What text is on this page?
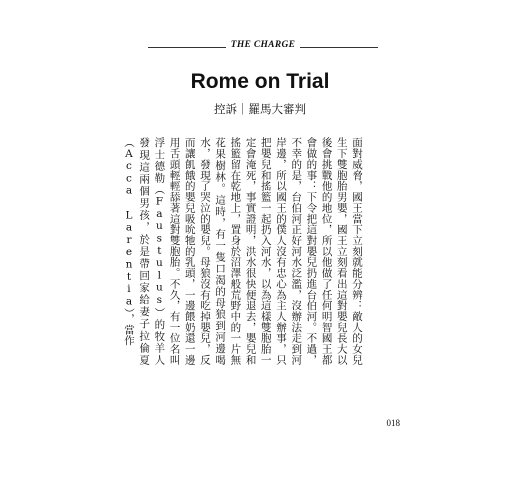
THE CHARGE
Rome on Trial
控訴｜羅馬大審判

面對威脅，國王當下立刻就能分辨：敵人的女兒生下雙胞胎男嬰，國王立刻看出這對嬰兒長大以後會挑戰他的地位，所以他做了任何明智國王都會做的事：下令把這對嬰兒扔進台伯河。不過，不幸的是，台伯河正好河水泛濫，沒辦法走到河岸邊，所以國王的僕人沒有忠心為主人辦事，只把嬰兒和搖籃一起扔入河水，以為這樣雙胞胎一定會淹死，事實證明，洪水很快便退去，嬰兒和搖籃留在乾地上，置身於沼澤般荒野中的一片無花果樹林。這時，有一隻口渴的母狼到河邊喝水，發現了哭泣的嬰兒。母狼沒有吃掉嬰兒，反而讓飢餓的嬰兒吸吮牠的乳頭，一邊餵奶還一邊用舌頭輕輕舔著這對雙胞胎。不久，有一位名叫浮士德勒（Faustulus）的牧羊人發現這兩個男孩，於是帶回家給妻子拉倫夏（Acca Larentia），當作

018
